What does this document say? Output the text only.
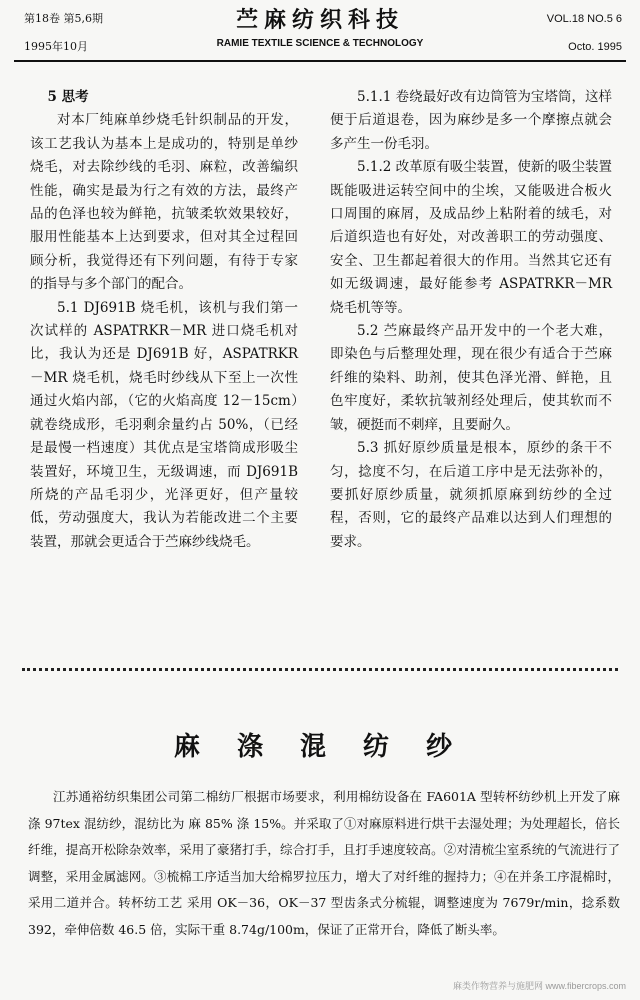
第18卷 第5,6期
1995年10月
苎麻纺织科技
RAMIE TEXTILE SCIENCE & TECHNOLOGY
VOL.18 NO.5 6
Octo. 1995

5 思考

对本厂纯麻单纱烧毛针织制品的开发，该工艺我认为基本上是成功的，特别是单纱烧毛，对去除纱线的毛羽、麻粒，改善编织性能，确实是最为行之有效的方法，最终产品的色泽也较为鲜艳，抗皱柔软效果较好，服用性能基本上达到要求，但对其全过程回顾分析，我觉得还有下列问题，有待于专家的指导与多个部门的配合。

5.1 DJ691B 烧毛机，该机与我们第一次试样的 ASPATRKR－MR 进口烧毛机对比，我认为还是 DJ691B 好，ASPATRKR－MR 烧毛机，烧毛时纱线从下至上一次性通过火焰内部，（它的火焰高度 12－15cm）就卷绕成形，毛羽剩余量约占 50%，（已经是最慢一档速度）其优点是宝塔筒成形吸尘装置好，环境卫生，无级调速，而 DJ691B 所烧的产品毛羽少，光泽更好，但产量较低，劳动强度大，我认为若能改进二个主要装置，那就会更适合于苎麻纱线烧毛。

5.1.1 卷绕最好改有边筒管为宝塔筒，这样便于后道退卷，因为麻纱是多一个摩擦点就会多产生一份毛羽。

5.1.2 改革原有吸尘装置，使新的吸尘装置既能吸进运转空间中的尘埃，又能吸进合板火口周围的麻屑，及成品纱上粘附着的绒毛，对后道织造也有好处，对改善职工的劳动强度、安全、卫生都起着很大的作用。当然其它还有如无级调速，最好能参考 ASPATRKR－MR 烧毛机等等。

5.2 苎麻最终产品开发中的一个老大难，即染色与后整理处理，现在很少有适合于苎麻纤维的染料、助剂，使其色泽光滑、鲜艳，且色牢度好，柔软抗皱剂经处理后，使其软而不皱，硬挺而不刺痒，且要耐久。

5.3 抓好原纱质量是根本，原纱的条干不匀，捻度不匀，在后道工序中是无法弥补的，要抓好原纱质量，就须抓原麻到纺纱的全过程，否则，它的最终产品难以达到人们理想的要求。

麻 涤 混 纺 纱
江苏通裕纺织集团公司第二棉纺厂根据市场要求，利用棉纺设备在 FA601A 型转杯纺纱机上开发了麻涤 97tex 混纺纱，混纺比为 麻 85% 涤 15%。并采取了①对麻原料进行烘干去湿处理；为处理超长，倍长纤维，提高开松除杂效率，采用了豪猪打手，综合打手，且打手速度较高。②对清梳尘室系统的气流进行了调整，采用金属滤网。③梳棉工序适当加大给棉罗拉压力，增大了对纤维的握持力；④在并条工序混棉时，采用二道并合。转杯纺工艺 采用 OK－36，OK－37 型齿条式分梳辊，调整速度为 7679r/min，捻系数 392，牵伸倍数 46.5 倍，实际干重 8.74g/100m，保证了正常开台，降低了断头率。
麻类作物营养与施肥网 www.fibercrops.com
